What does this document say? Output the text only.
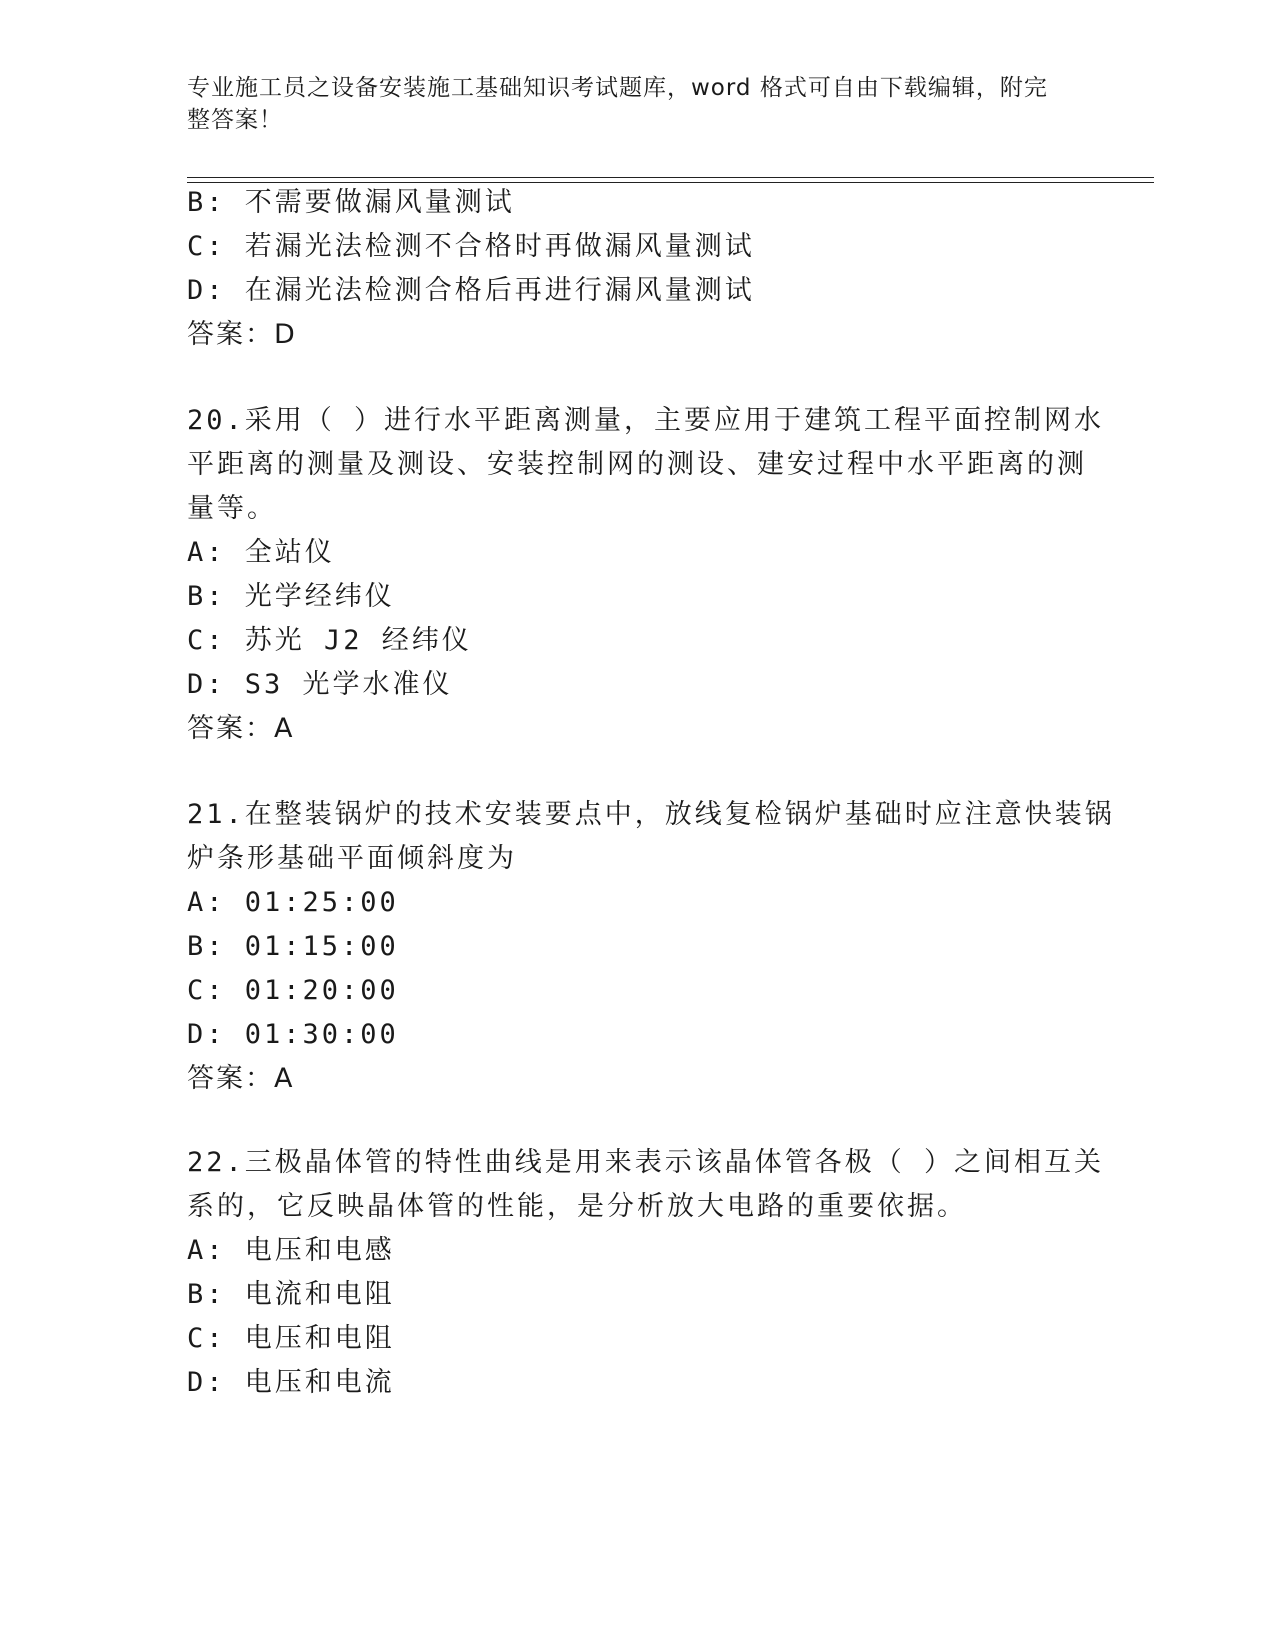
专业施工员之设备安装施工基础知识考试题库，word 格式可自由下载编辑，附完整答案！
B: 不需要做漏风量测试
C: 若漏光法检测不合格时再做漏风量测试
D: 在漏光法检测合格后再进行漏风量测试
答案：D
20.采用（ ）进行水平距离测量，主要应用于建筑工程平面控制网水
平距离的测量及测设、安装控制网的测设、建安过程中水平距离的测
量等。
A: 全站仪
B: 光学经纬仪
C: 苏光 J2 经纬仪
D: S3 光学水准仪
答案：A
21.在整装锅炉的技术安装要点中，放线复检锅炉基础时应注意快装锅
炉条形基础平面倾斜度为
A: 01:25:00
B: 01:15:00
C: 01:20:00
D: 01:30:00
答案：A
22.三极晶体管的特性曲线是用来表示该晶体管各极（ ）之间相互关
系的，它反映晶体管的性能，是分析放大电路的重要依据。
A: 电压和电感
B: 电流和电阻
C: 电压和电阻
D: 电压和电流
